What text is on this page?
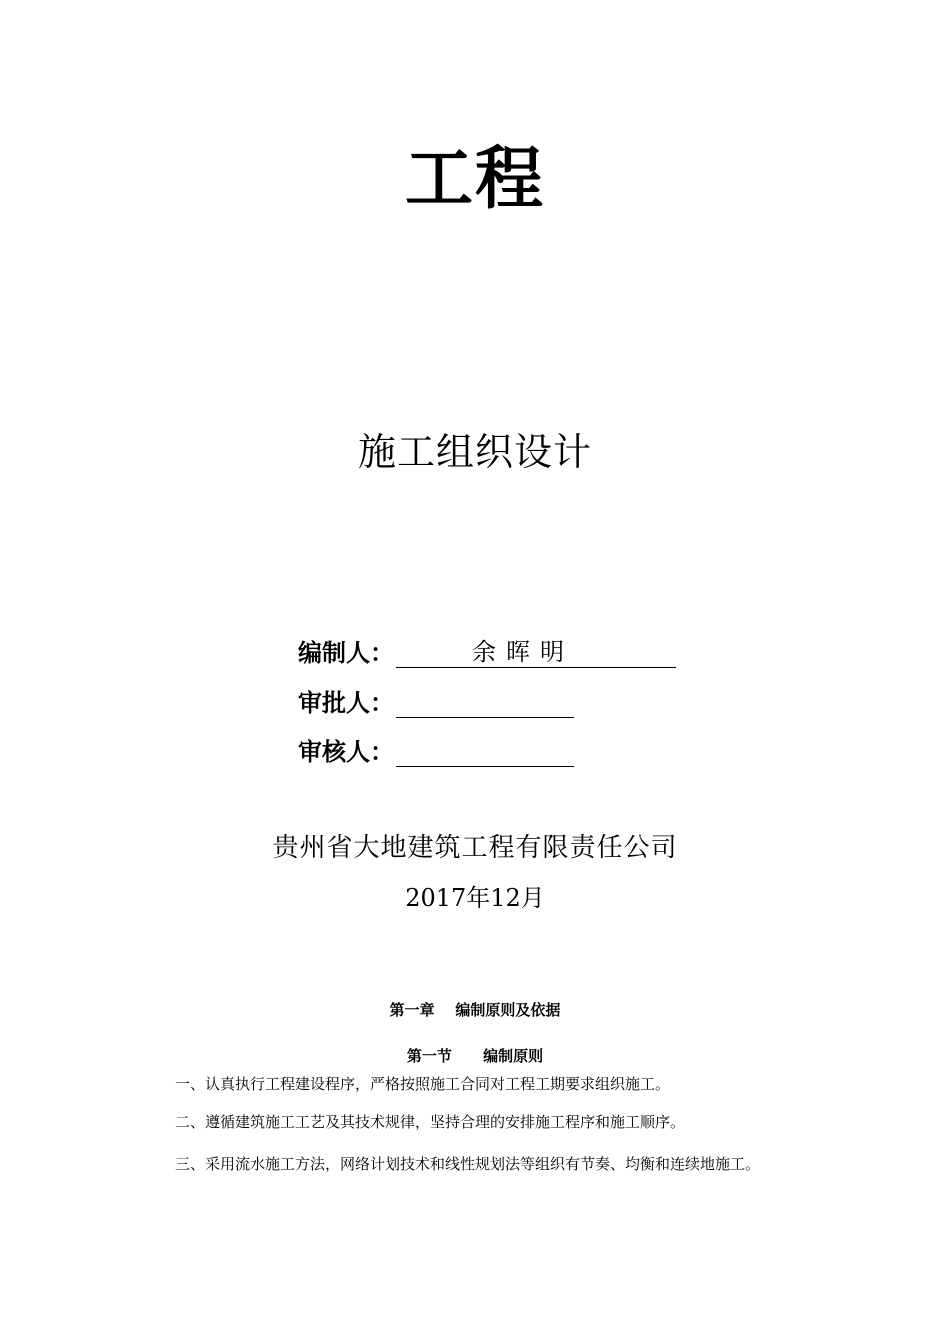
工程
施工组织设计
编制人：	余晖明
审批人：
审核人：
贵州省大地建筑工程有限责任公司
2017年12月
第一章    编制原则及依据
第一节      编制原则

一、认真执行工程建设程序，严格按照施工合同对工程工期要求组织施工。

二、遵循建筑施工工艺及其技术规律，坚持合理的安排施工程序和施工顺序。

三、采用流水施工方法，网络计划技术和线性规划法等组织有节奏、均衡和连续地施工。
